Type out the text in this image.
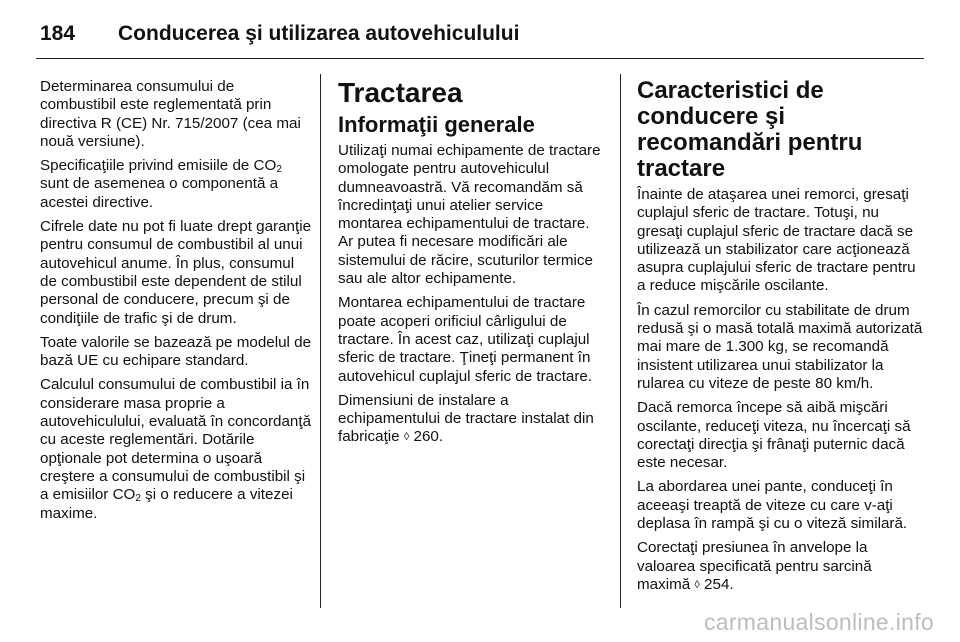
184	Conducerea şi utilizarea autovehiculului

Determinarea consumului de combustibil este reglementată prin directiva R (CE) Nr. 715/2007 (cea mai nouă versiune).

Specificaţiile privind emisiile de $CO_2$ sunt de asemenea o componentă a acestei directive.

Cifrele date nu pot fi luate drept garanţie pentru consumul de combustibil al unui autovehicul anume. În plus, consumul de combustibil este dependent de stilul personal de conducere, precum şi de condiţiile de trafic şi de drum.

Toate valorile se bazează pe modelul de bază UE cu echipare standard.

Calculul consumului de combustibil ia în considerare masa proprie a autovehiculului, evaluată în concordanţă cu aceste reglementări. Dotările opţionale pot determina o uşoară creştere a consumului de combustibil şi a emisiilor $CO_2$ şi o reducere a vitezei maxime.

Tractarea
Informaţii generale

Utilizaţi numai echipamente de tractare omologate pentru autovehiculul dumneavoastră. Vă recomandăm să încredinţaţi unui atelier service montarea echipamentului de tractare. Ar putea fi necesare modificări ale sistemului de răcire, scuturilor termice sau ale altor echipamente.

Montarea echipamentului de tractare poate acoperi orificiul cârligului de tractare. În acest caz, utilizaţi cuplajul sferic de tractare. Ţineţi permanent în autovehicul cuplajul sferic de tractare.

Dimensiuni de instalare a echipamentului de tractare instalat din fabricaţie ◊ 260.

Caracteristici de conducere şi recomandări pentru tractare

Înainte de ataşarea unei remorci, gresaţi cuplajul sferic de tractare. Totuşi, nu gresaţi cuplajul sferic de tractare dacă se utilizează un stabilizator care acţionează asupra cuplajului sferic de tractare pentru a reduce mişcările oscilante.

În cazul remorcilor cu stabilitate de drum redusă şi o masă totală maximă autorizată mai mare de 1.300 kg, se recomandă insistent utilizarea unui stabilizator la rularea cu viteze de peste 80 km/h.

Dacă remorca începe să aibă mişcări oscilante, reduceţi viteza, nu încercaţi să corectaţi direcţia şi frânaţi puternic dacă este necesar.

La abordarea unei pante, conduceţi în aceeaşi treaptă de viteze cu care v-aţi deplasa în rampă şi cu o viteză similară.

Corectaţi presiunea în anvelope la valoarea specificată pentru sarcină maximă ◊ 254.

carmanualsonline.info
